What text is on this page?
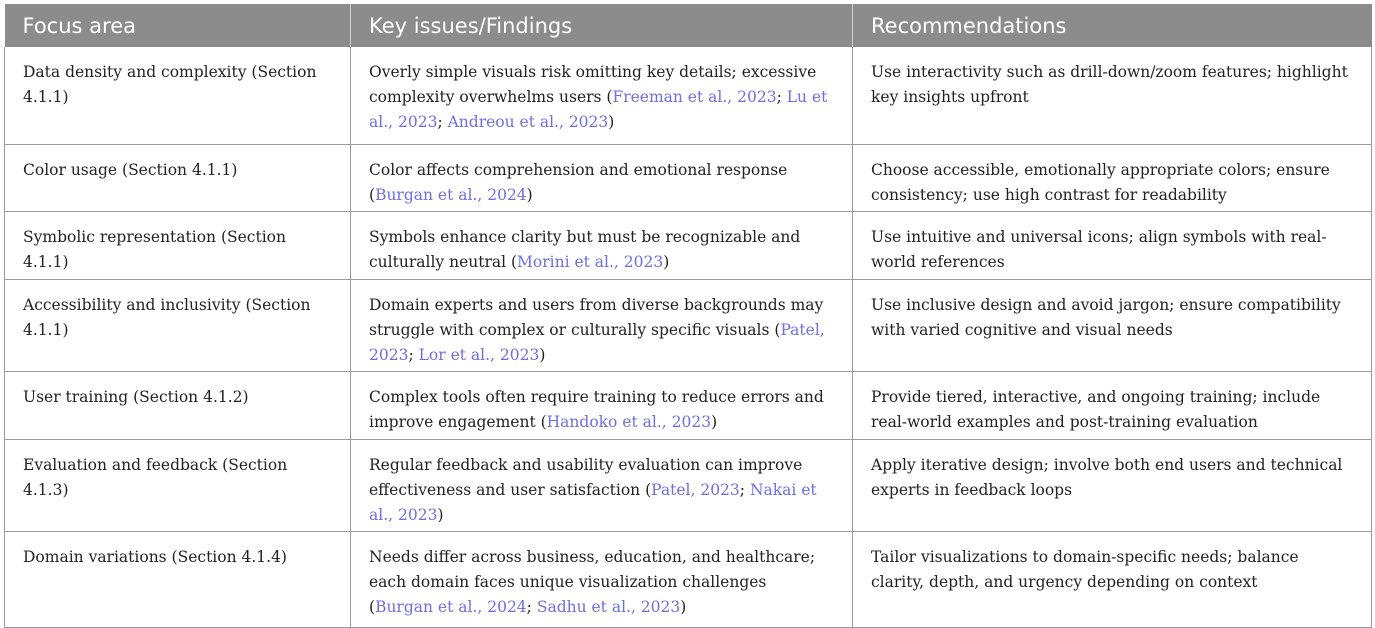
Focus area	Key issues/Findings	Recommendations
Data density and complexity (Section 4.1.1)	Overly simple visuals risk omitting key details; excessive complexity overwhelms users (Freeman et al., 2023; Lu et al., 2023; Andreou et al., 2023)	Use interactivity such as drill-down/zoom features; highlight key insights upfront
Color usage (Section 4.1.1)	Color affects comprehension and emotional response (Burgan et al., 2024)	Choose accessible, emotionally appropriate colors; ensure consistency; use high contrast for readability
Symbolic representation (Section 4.1.1)	Symbols enhance clarity but must be recognizable and culturally neutral (Morini et al., 2023)	Use intuitive and universal icons; align symbols with real-world references
Accessibility and inclusivity (Section 4.1.1)	Domain experts and users from diverse backgrounds may struggle with complex or culturally specific visuals (Patel, 2023; Lor et al., 2023)	Use inclusive design and avoid jargon; ensure compatibility with varied cognitive and visual needs
User training (Section 4.1.2)	Complex tools often require training to reduce errors and improve engagement (Handoko et al., 2023)	Provide tiered, interactive, and ongoing training; include real-world examples and post-training evaluation
Evaluation and feedback (Section 4.1.3)	Regular feedback and usability evaluation can improve effectiveness and user satisfaction (Patel, 2023; Nakai et al., 2023)	Apply iterative design; involve both end users and technical experts in feedback loops
Domain variations (Section 4.1.4)	Needs differ across business, education, and healthcare; each domain faces unique visualization challenges (Burgan et al., 2024; Sadhu et al., 2023)	Tailor visualizations to domain-specific needs; balance clarity, depth, and urgency depending on context
